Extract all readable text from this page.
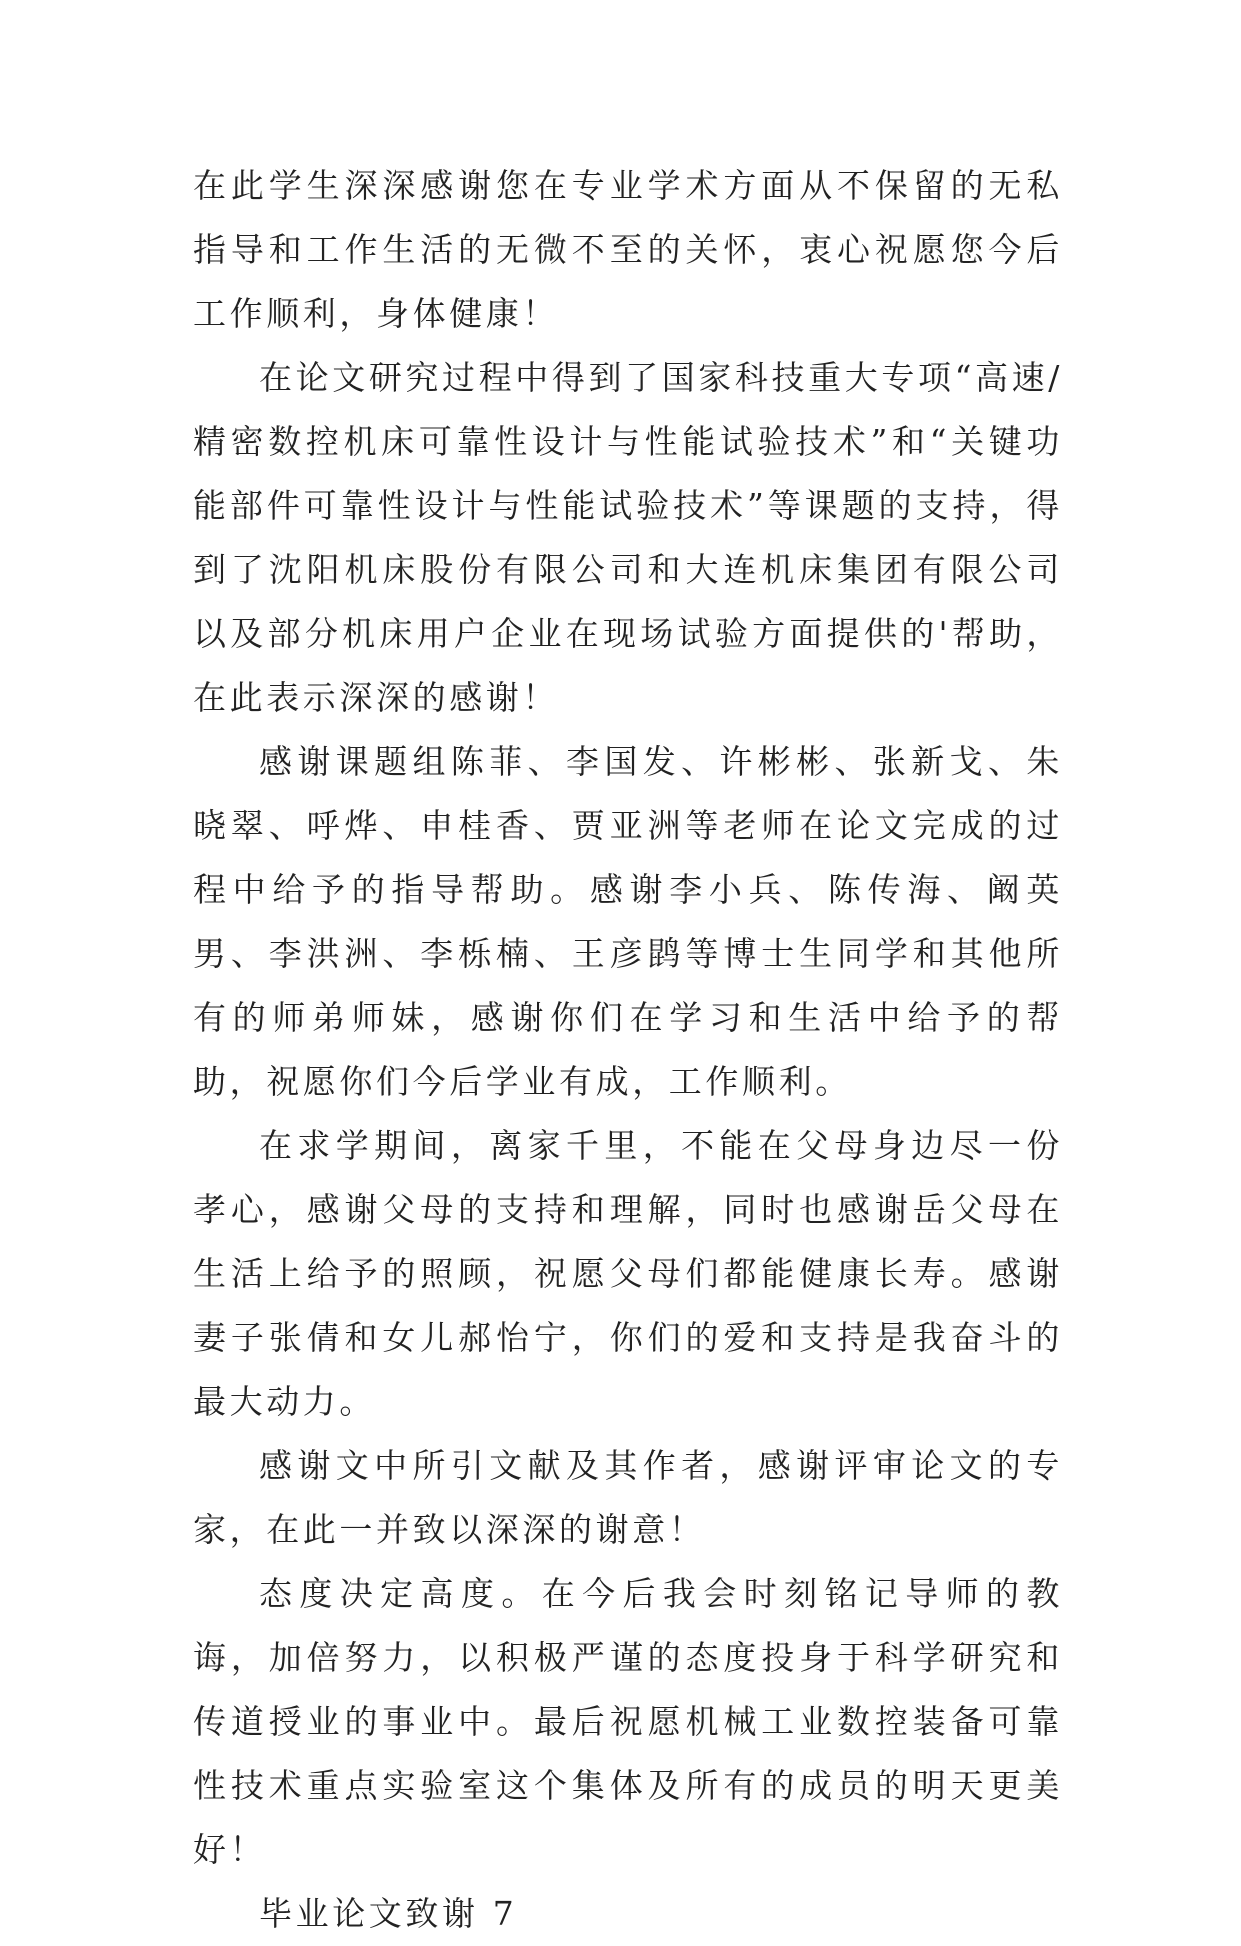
在此学生深深感谢您在专业学术方面从不保留的无私指导和工作生活的无微不至的关怀，衷心祝愿您今后工作顺利，身体健康！

在论文研究过程中得到了国家科技重大专项“高速/精密数控机床可靠性设计与性能试验技术”和“关键功能部件可靠性设计与性能试验技术”等课题的支持，得到了沈阳机床股份有限公司和大连机床集团有限公司以及部分机床用户企业在现场试验方面提供的'帮助，在此表示深深的感谢！

感谢课题组陈菲、李国发、许彬彬、张新戈、朱晓翠、呼烨、申桂香、贾亚洲等老师在论文完成的过程中给予的指导帮助。感谢李小兵、陈传海、阚英男、李洪洲、李栎楠、王彦鹍等博士生同学和其他所有的师弟师妹，感谢你们在学习和生活中给予的帮助，祝愿你们今后学业有成，工作顺利。

在求学期间，离家千里，不能在父母身边尽一份孝心，感谢父母的支持和理解，同时也感谢岳父母在生活上给予的照顾，祝愿父母们都能健康长寿。感谢妻子张倩和女儿郝怡宁，你们的爱和支持是我奋斗的最大动力。

感谢文中所引文献及其作者，感谢评审论文的专家，在此一并致以深深的谢意！

态度决定高度。在今后我会时刻铭记导师的教诲，加倍努力，以积极严谨的态度投身于科学研究和传道授业的事业中。最后祝愿机械工业数控装备可靠性技术重点实验室这个集体及所有的成员的明天更美好！

毕业论文致谢 7
